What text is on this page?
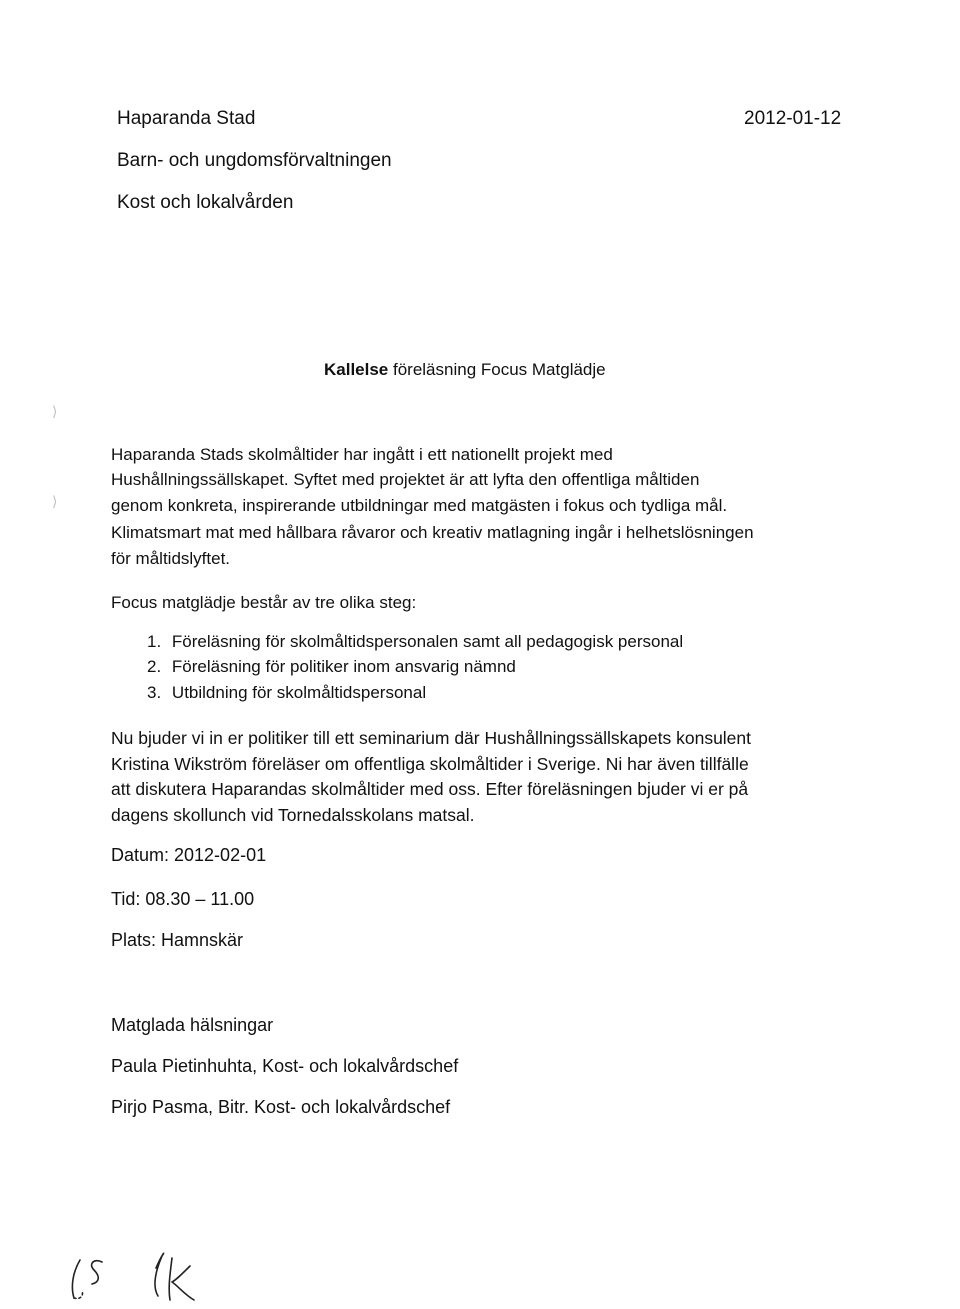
⟩
⟩
Haparanda Stad	2012-01-12
Barn- och ungdomsförvaltningen
Kost och lokalvården
Kallelse föreläsning Focus Matglädje
Haparanda Stads skolmåltider har ingått i ett nationellt projekt med
Hushållningssällskapet. Syftet med projektet är att lyfta den offentliga måltiden
genom konkreta, inspirerande utbildningar med matgästen i fokus och tydliga mål.
Klimatsmart mat med hållbara råvaror och kreativ matlagning ingår i helhetslösningen
för måltidslyftet.
Focus matglädje består av tre olika steg:
1. Föreläsning för skolmåltidspersonalen samt all pedagogisk personal
2. Föreläsning för politiker inom ansvarig nämnd
3. Utbildning för skolmåltidspersonal
Nu bjuder vi in er politiker till ett seminarium där Hushållningssällskapets konsulent
Kristina Wikström föreläser om offentliga skolmåltider i Sverige. Ni har även tillfälle
att diskutera Haparandas skolmåltider med oss. Efter föreläsningen bjuder vi er på
dagens skollunch vid Tornedalsskolans matsal.
Datum: 2012-02-01
Tid: 08.30 – 11.00
Plats: Hamnskär
Matglada hälsningar
Paula Pietinhuhta, Kost- och lokalvårdschef
Pirjo Pasma, Bitr. Kost- och lokalvårdschef
